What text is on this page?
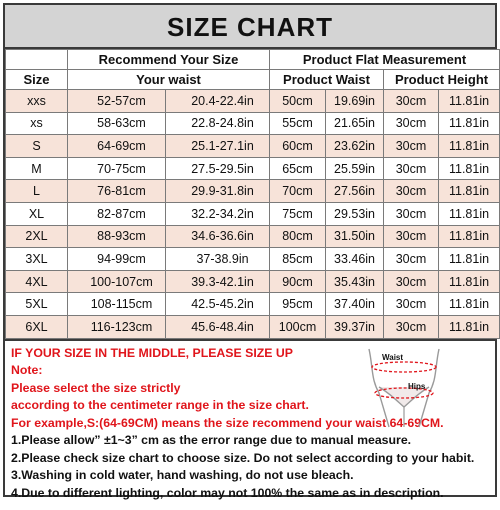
SIZE CHART
	Recommend Your Size		Product Flat Measurement			
Size	Your waist		Product Waist		Product Height	
xxs	52-57cm	20.4-22.4in	50cm	19.69in	30cm	11.81in
xs	58-63cm	22.8-24.8in	55cm	21.65in	30cm	11.81in
S	64-69cm	25.1-27.1in	60cm	23.62in	30cm	11.81in
M	70-75cm	27.5-29.5in	65cm	25.59in	30cm	11.81in
L	76-81cm	29.9-31.8in	70cm	27.56in	30cm	11.81in
XL	82-87cm	32.2-34.2in	75cm	29.53in	30cm	11.81in
2XL	88-93cm	34.6-36.6in	80cm	31.50in	30cm	11.81in
3XL	94-99cm	37-38.9in	85cm	33.46in	30cm	11.81in
4XL	100-107cm	39.3-42.1in	90cm	35.43in	30cm	11.81in
5XL	108-115cm	42.5-45.2in	95cm	37.40in	30cm	11.81in
6XL	116-123cm	45.6-48.4in	100cm	39.37in	30cm	11.81in
Waist
Hips
IF YOUR SIZE IN THE MIDDLE, PLEASE SIZE UP
Note:
Please select the size strictly
according to the centimeter range in the size chart.
For example,S:(64-69CM) means the size recommend your waist 64-69CM.
1.Please allow” ±1~3” cm as the error range due to manual measure.
2.Please check size chart to choose size. Do not select according to your habit.
3.Washing in cold water, hand washing, do not use bleach.
4.Due to different lighting, color may not 100% the same as in description.
